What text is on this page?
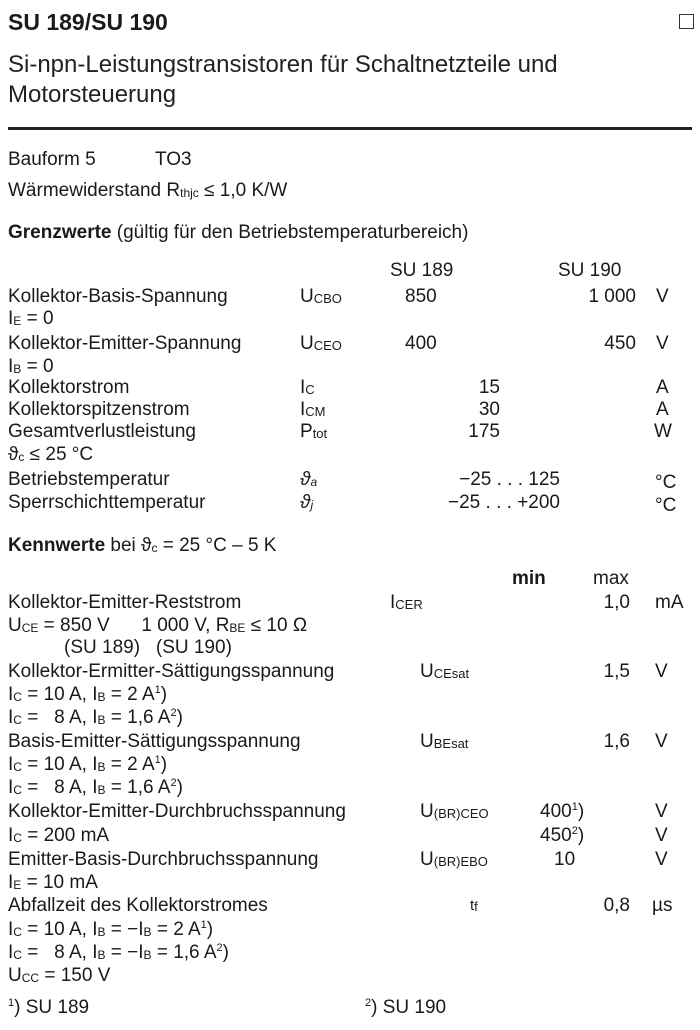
SU 189/SU 190
Si-npn-Leistungstransistoren für Schaltnetzteile und
Motorsteuerung
Bauform 5	TO3
Wärmewiderstand $R_{thjc} \le 1,0$ K/W
Grenzwerte (gültig für den Betriebstemperaturbereich)
SU 189	SU 190
Kollektor-Basis-Spannung	$U_{CBO}$	850	1 000 V
$I_E = 0$
Kollektor-Emitter-Spannung	$U_{CEO}$	400	450 V
$I_B = 0$
Kollektorstrom	$I_C$	15	A
Kollektorspitzenstrom	$I_{CM}$	30	A
Gesamtverlustleistung	$P_{tot}$	175	W
$ϑ_c \le 25$ °C
Betriebstemperatur	$ϑ_a$	−25 . . . 125	°C
Sperrschichttemperatur	$ϑ_j$	−25 . . . +200	°C
Kennwerte bei $ϑ_c = 25$ °C – 5 K
min max
Kollektor-Emitter-Reststrom	$I_{CER}$	1,0 mA
$U_{CE} = 850$ V      1 000 V, $R_{BE} \le 10$ Ω
(SU 189)   (SU 190)
Kollektor-Ermitter-Sättigungsspannung	$U_{CEsat}$	1,5 V
$I_C = 10$ A, $I_B = 2$ $A^1$)
$I_C = 8$ A, $I_B = 1,6$ $A^2$)
Basis-Emitter-Sättigungsspannung	$U_{BEsat}$	1,6 V
$I_C = 10$ A, $I_B = 2$ $A^1$)
$I_C = 8$ A, $I_B = 1,6$ $A^2$)
Kollektor-Emitter-Durchbruchsspannung	$U_{(BR)CEO}$	$400^1$)	V
$I_C = 200$ mA	$450^2$)	V
Emitter-Basis-Durchbruchsspannung	$U_{(BR)EBO}$	10	V
$I_E = 10$ mA
Abfallzeit des Kollektorstromes	$t_f$	0,8 µs
$I_C = 10$ A, $I_B = -I_B = 2$ $A^1$)
$I_C = 8$ A, $I_B = -I_B = 1,6$ $A^2$)
$U_{CC} = 150$ V
$^1$) SU 189	$^2$) SU 190
